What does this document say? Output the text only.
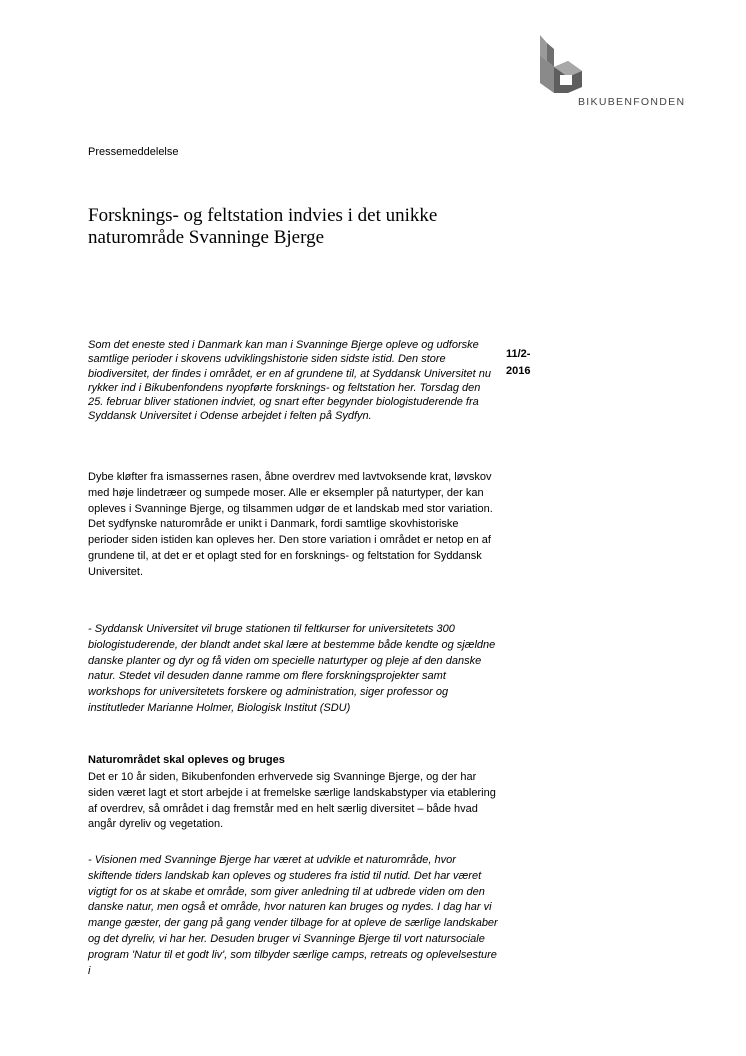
BIKUBENFONDEN
Pressemeddelelse
Forsknings- og feltstation indvies i det unikke naturområde Svanninge Bjerge

Som det eneste sted i Danmark kan man i Svanninge Bjerge opleve og udforske samtlige perioder i skovens udviklingshistorie siden sidste istid. Den store biodiversitet, der findes i området, er en af grundene til, at Syddansk Universitet nu rykker ind i Bikubenfondens nyopførte forsknings- og feltstation her. Torsdag den 25. februar bliver stationen indviet, og snart efter begynder biologistuderende fra Syddansk Universitet i Odense arbejdet i felten på Sydfyn.

11/2-2016

Dybe kløfter fra ismassernes rasen, åbne overdrev med lavtvoksende krat, løvskov med høje lindetræer og sumpede moser. Alle er eksempler på naturtyper, der kan opleves i Svanninge Bjerge, og tilsammen udgør de et landskab med stor variation. Det sydfynske naturområde er unikt i Danmark, fordi samtlige skovhistoriske perioder siden istiden kan opleves her. Den store variation i området er netop en af grundene til, at det er et oplagt sted for en forsknings- og feltstation for Syddansk Universitet.

- Syddansk Universitet vil bruge stationen til feltkurser for universitetets 300 biologistuderende, der blandt andet skal lære at bestemme både kendte og sjældne danske planter og dyr og få viden om specielle naturtyper og pleje af den danske natur. Stedet vil desuden danne ramme om flere forskningsprojekter samt workshops for universitetets forskere og administration, siger professor og institutleder Marianne Holmer, Biologisk Institut (SDU)

Naturområdet skal opleves og bruges

Det er 10 år siden, Bikubenfonden erhvervede sig Svanninge Bjerge, og der har siden været lagt et stort arbejde i at fremelske særlige landskabstyper via etablering af overdrev, så området i dag fremstår med en helt særlig diversitet – både hvad angår dyreliv og vegetation.

- Visionen med Svanninge Bjerge har været at udvikle et naturområde, hvor skiftende tiders landskab kan opleves og studeres fra istid til nutid. Det har været vigtigt for os at skabe et område, som giver anledning til at udbrede viden om den danske natur, men også et område, hvor naturen kan bruges og nydes. I dag har vi mange gæster, der gang på gang vender tilbage for at opleve de særlige landskaber og det dyreliv, vi har her. Desuden bruger vi Svanninge Bjerge til vort natursociale program 'Natur til et godt liv', som tilbyder særlige camps, retreats og oplevelsesture i
